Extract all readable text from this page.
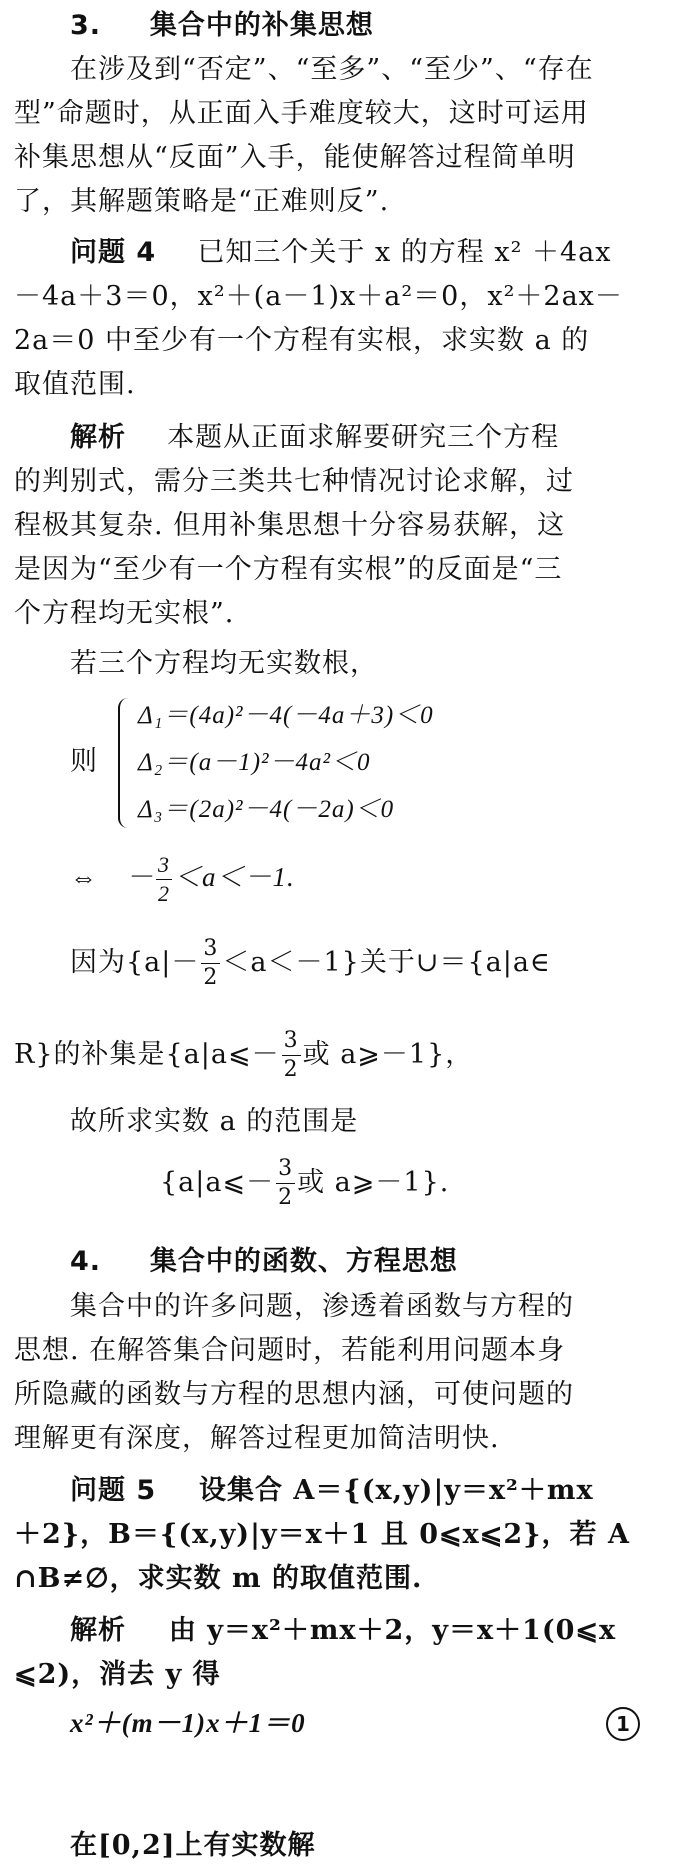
3. 集合中的补集思想
在涉及到“否定”、“至多”、“至少”、“存在
型”命题时，从正面入手难度较大，这时可运用
补集思想从“反面”入手，能使解答过程简单明
了，其解题策略是“正难则反”.
问题 4 已知三个关于 x 的方程 x² ＋4ax
－4a＋3＝0，x²＋(a－1)x＋a²＝0，x²＋2ax－
2a＝0 中至少有一个方程有实根，求实数 a 的
取值范围.
解析 本题从正面求解要研究三个方程
的判别式，需分三类共七种情况讨论求解，过
程极其复杂. 但用补集思想十分容易获解，这
是因为“至少有一个方程有实根”的反面是“三
个方程均无实根”.
若三个方程均无实数根，
则
Δ₁＝(4a)²－4(－4a＋3)＜0
Δ₂＝(a－1)²－4a²＜0
Δ₃＝(2a)²－4(－2a)＜0
⇔　－ $\frac{3}{2} <a<-1$.
因为$\{a|- \frac{3}{2} <a<-1\}$关于∪＝{a|a∈
R}的补集是{a|a⩽－ $\frac{3}{2}$ 或 a⩾－1}，
故所求实数 a 的范围是
{a|a⩽－ $\frac{3}{2}$ 或 a⩾－1}.
4. 集合中的函数、方程思想
集合中的许多问题，渗透着函数与方程的
思想. 在解答集合问题时，若能利用问题本身
所隐藏的函数与方程的思想内涵，可使问题的
理解更有深度，解答过程更加简洁明快.
问题 5 设集合 A＝{(x,y)|y＝x²＋mx
＋2}，B＝{(x,y)|y＝x＋1 且 0⩽x⩽2}，若 A
∩B≠∅，求实数 m 的取值范围.
解析 由 y＝x²＋mx＋2，y＝x＋1(0⩽x
⩽2)，消去 y 得
x²＋(m－1)x＋1＝0	1
在[0,2]上有实数解
